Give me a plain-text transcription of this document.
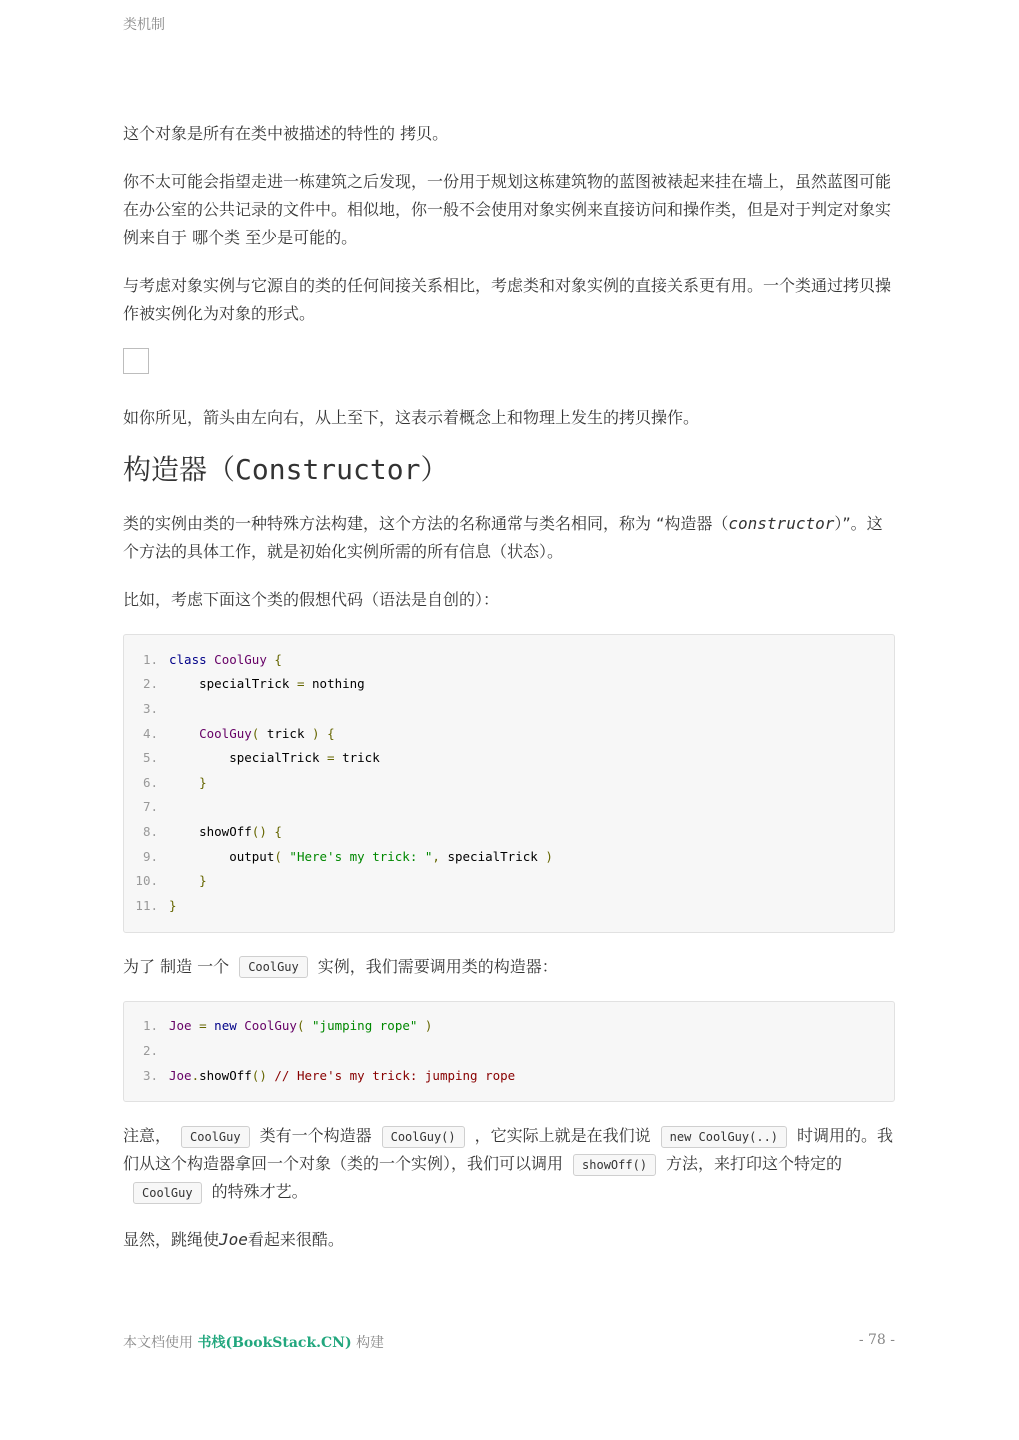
类机制

这个对象是所有在类中被描述的特性的 拷贝。

你不太可能会指望走进一栋建筑之后发现，一份用于规划这栋建筑物的蓝图被裱起来挂在墙上，虽然蓝图可能在办公室的公共记录的文件中。相似地，你一般不会使用对象实例来直接访问和操作类，但是对于判定对象实例来自于 哪个类 至少是可能的。

与考虑对象实例与它源自的类的任何间接关系相比，考虑类和对象实例的直接关系更有用。一个类通过拷贝操作被实例化为对象的形式。

如你所见，箭头由左向右，从上至下，这表示着概念上和物理上发生的拷贝操作。

构造器（Constructor）

类的实例由类的一种特殊方法构建，这个方法的名称通常与类名相同，称为 “构造器（constructor）”。这个方法的具体工作，就是初始化实例所需的所有信息（状态）。

比如，考虑下面这个类的假想代码（语法是自创的）：

1. class
CoolGuy
{
2. specialTrick
=
nothing
3.
4. CoolGuy ( trick ) {
5. specialTrick
=
trick
6. }
7.
8. showOff () {
9. output (
"Here's my trick: " , specialTrick )
10. }
11. }

为了 制造 一个 CoolGuy 实例，我们需要调用类的构造器：

1. Joe
=
new
CoolGuy (
"jumping rope"
)
2.
3. Joe . showOff ()
// Here's my trick: jumping rope

注意， CoolGuy 类有一个构造器 CoolGuy() ，它实际上就是在我们说 new CoolGuy(..) 时调用的。我们从这个构造器拿回一个对象（类的一个实例），我们可以调用 showOff() 方法，来打印这个特定的CoolGuy 的特殊才艺。

显然，跳绳使Joe看起来很酷。

本文档使用 书栈(BookStack.CN) 构建	- 78 -
